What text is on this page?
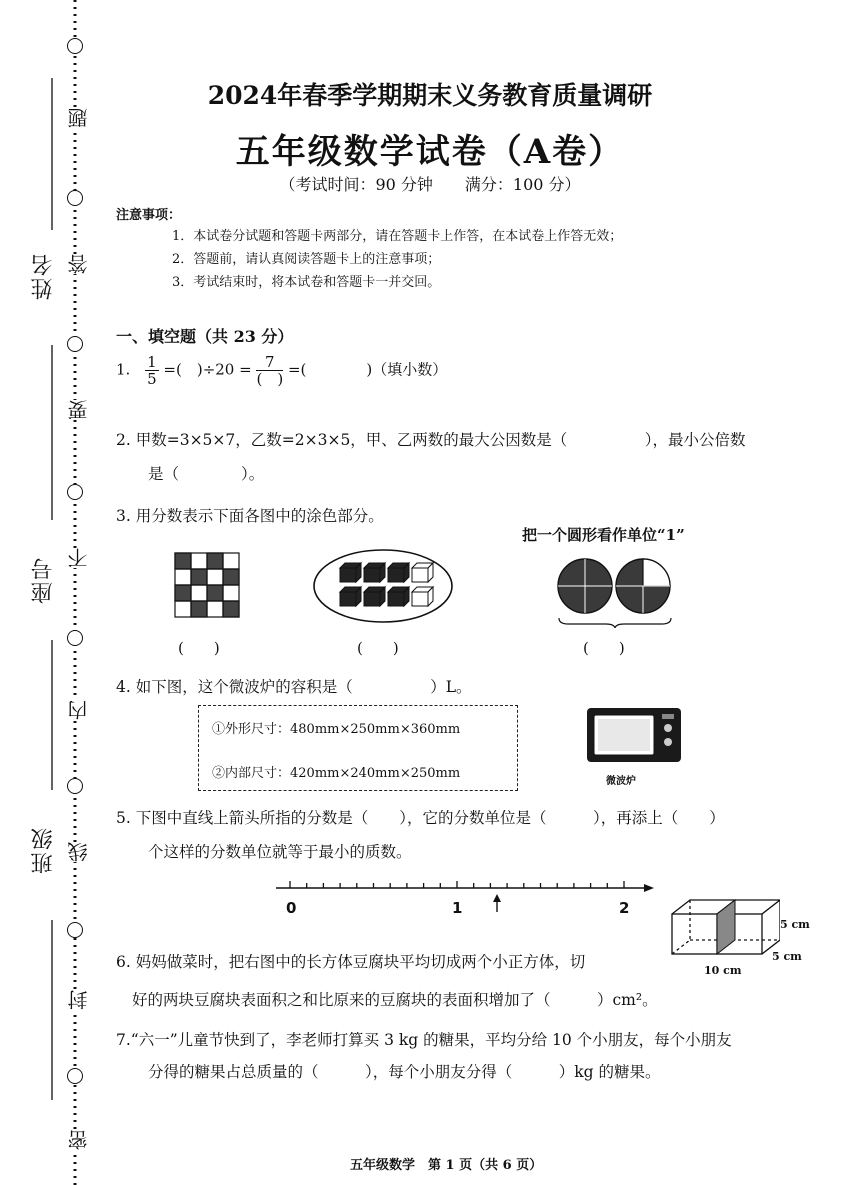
题
答
要
不
内
线
封
密
姓名
座号
班级
2024年春季学期期末义务教育质量调研
五年级数学试卷（A卷）
（考试时间：90 分钟　　满分：100 分）
注意事项：
1．本试卷分试题和答题卡两部分，请在答题卡上作答，在本试卷上作答无效；
2．答题前，请认真阅读答题卡上的注意事项；
3．考试结束时，将本试卷和答题卡一并交回。
一、填空题（共 23 分）
1. $\frac{1}{5}$ =(　)$\div 20 = \frac{7}{( )}$ =(　　　　)（填小数）
2. 甲数=3×5×7，乙数=2×3×5，甲、乙两数的最大公因数是（　　　　　），最小公倍数
是（　　　　）。
3. 用分数表示下面各图中的涂色部分。
把一个圆形看作单位“1”
(　　)	(　　)	(　　)
4. 如下图，这个微波炉的容积是（　　　　　）L。
①外形尺寸：480mm×250mm×360mm
②内部尺寸：420mm×240mm×250mm
微波炉
5. 下图中直线上箭头所指的分数是（　　），它的分数单位是（　　　），再添上（　　）
个这样的分数单位就等于最小的质数。
0	1	2
5 cm
5 cm
10 cm
6. 妈妈做菜时，把右图中的长方体豆腐块平均切成两个小正方体，切
好的两块豆腐块表面积之和比原来的豆腐块的表面积增加了（　　　）cm²。
7.“六一”儿童节快到了，李老师打算买 3 kg 的糖果，平均分给 10 个小朋友，每个小朋友
分得的糖果占总质量的（　　　），每个小朋友分得（　　　）kg 的糖果。
五年级数学　第 1 页（共 6 页）
